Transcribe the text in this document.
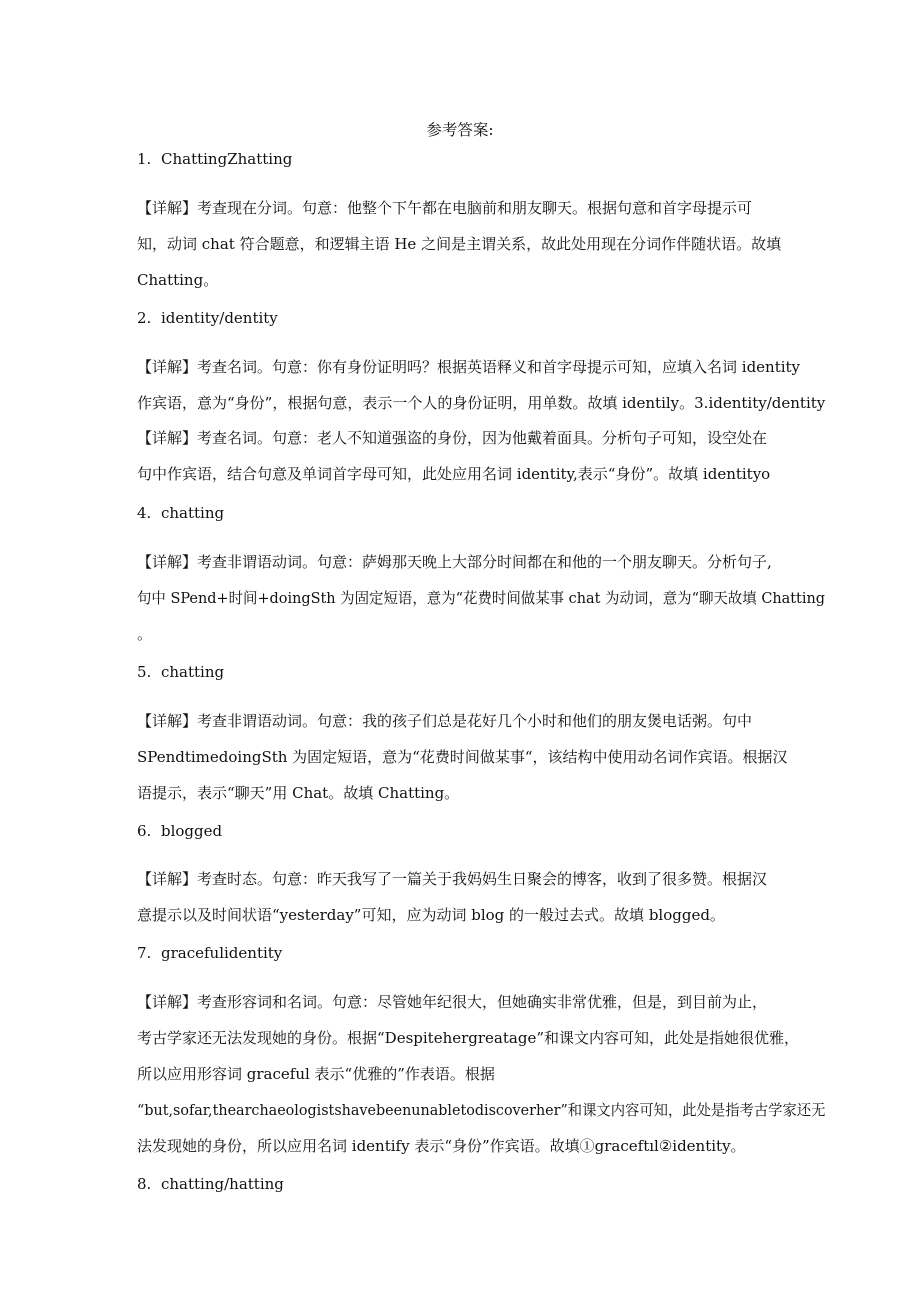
参考答案:
1. ChattingZhatting
【详解】考查现在分词。句意：他整个下午都在电脑前和朋友聊天。根据句意和首字母提示可
知，动词 chat 符合题意，和逻辑主语 He 之间是主谓关系，故此处用现在分词作伴随状语。故填
Chatting。
2. identity/dentity
【详解】考查名词。句意：你有身份证明吗？根据英语释义和首字母提示可知，应填入名词 identity
作宾语，意为“身份”，根据句意，表示一个人的身份证明，用单数。故填 identily。3.identity/dentity
【详解】考查名词。句意：老人不知道强盗的身份，因为他戴着面具。分析句子可知，设空处在
句中作宾语，结合句意及单词首字母可知，此处应用名词 identity,表示“身份”。故填 identityo
4. chatting
【详解】考查非谓语动词。句意：萨姆那天晚上大部分时间都在和他的一个朋友聊天。分析句子,
句中 SPend+时间+doingSth 为固定短语，意为“花费时间做某事 chat 为动词，意为“聊天故填 Chatting
。
5. chatting
【详解】考查非谓语动词。句意：我的孩子们总是花好几个小时和他们的朋友煲电话粥。句中
SPendtimedoingSth 为固定短语，意为“花费时间做某事“，该结构中使用动名词作宾语。根据汉
语提示，表示“聊天”用 Chat。故填 Chatting。
6. blogged
【详解】考查时态。句意：昨天我写了一篇关于我妈妈生日聚会的博客，收到了很多赞。根据汉
意提示以及时间状语“yesterday”可知，应为动词 blog 的一般过去式。故填 blogged。
7. gracefulidentity
【详解】考查形容词和名词。句意：尽管她年纪很大，但她确实非常优雅，但是，到目前为止，
考古学家还无法发现她的身份。根据“Despitehergreatage”和课文内容可知，此处是指她很优雅，
所以应用形容词 graceful 表示“优雅的”作表语。根据
“but,sofar,thearchaeologistshavebeenunabletodiscoverher”和课文内容可知，此处是指考古学家还无
法发现她的身份，所以应用名词 identify 表示“身份”作宾语。故填①graceftıl②identity。
8. chatting/hatting
